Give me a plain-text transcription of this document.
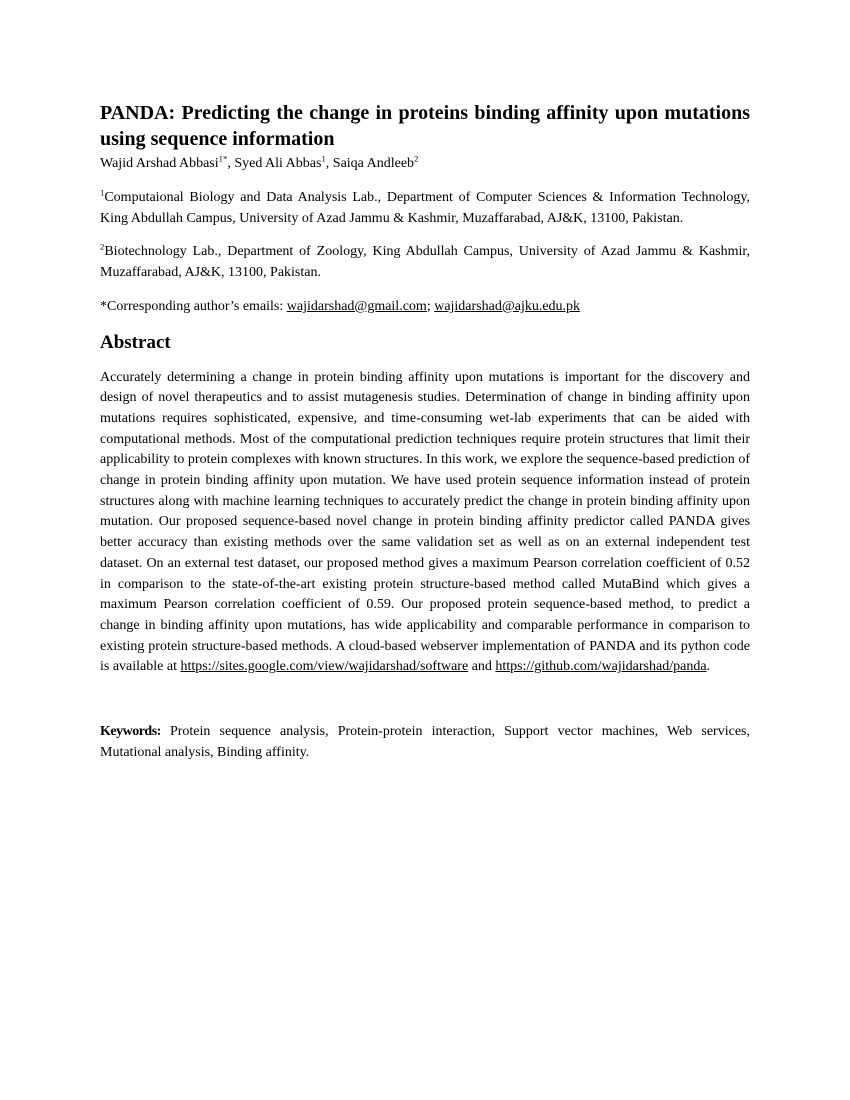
PANDA: Predicting the change in proteins binding affinity upon mutations using sequence information

Wajid Arshad Abbasi$^{1*}$, Syed Ali Abbas$^1$, Saiqa Andleeb$^2$

$^1$Computaional Biology and Data Analysis Lab., Department of Computer Sciences & Information Technology, King Abdullah Campus, University of Azad Jammu & Kashmir, Muzaffarabad, AJ&K, 13100, Pakistan.

$^2$Biotechnology Lab., Department of Zoology, King Abdullah Campus, University of Azad Jammu & Kashmir, Muzaffarabad, AJ&K, 13100, Pakistan.

*Corresponding author’s emails: wajidarshad@gmail.com; wajidarshad@ajku.edu.pk

Abstract

Accurately determining a change in protein binding affinity upon mutations is important for the discovery and design of novel therapeutics and to assist mutagenesis studies. Determination of change in binding affinity upon mutations requires sophisticated, expensive, and time-consuming wet-lab experiments that can be aided with computational methods. Most of the computational prediction techniques require protein structures that limit their applicability to protein complexes with known structures. In this work, we explore the sequence-based prediction of change in protein binding affinity upon mutation. We have used protein sequence information instead of protein structures along with machine learning techniques to accurately predict the change in protein binding affinity upon mutation. Our proposed sequence-based novel change in protein binding affinity predictor called PANDA gives better accuracy than existing methods over the same validation set as well as on an external independent test dataset. On an external test dataset, our proposed method gives a maximum Pearson correlation coefficient of 0.52 in comparison to the state-of-the-art existing protein structure-based method called MutaBind which gives a maximum Pearson correlation coefficient of 0.59. Our proposed protein sequence-based method, to predict a change in binding affinity upon mutations, has wide applicability and comparable performance in comparison to existing protein structure-based methods. A cloud-based webserver implementation of PANDA and its python code is available at https://sites.google.com/view/wajidarshad/software and https://github.com/wajidarshad/panda.

Keywords: Protein sequence analysis, Protein-protein interaction, Support vector machines, Web services, Mutational analysis, Binding affinity.
